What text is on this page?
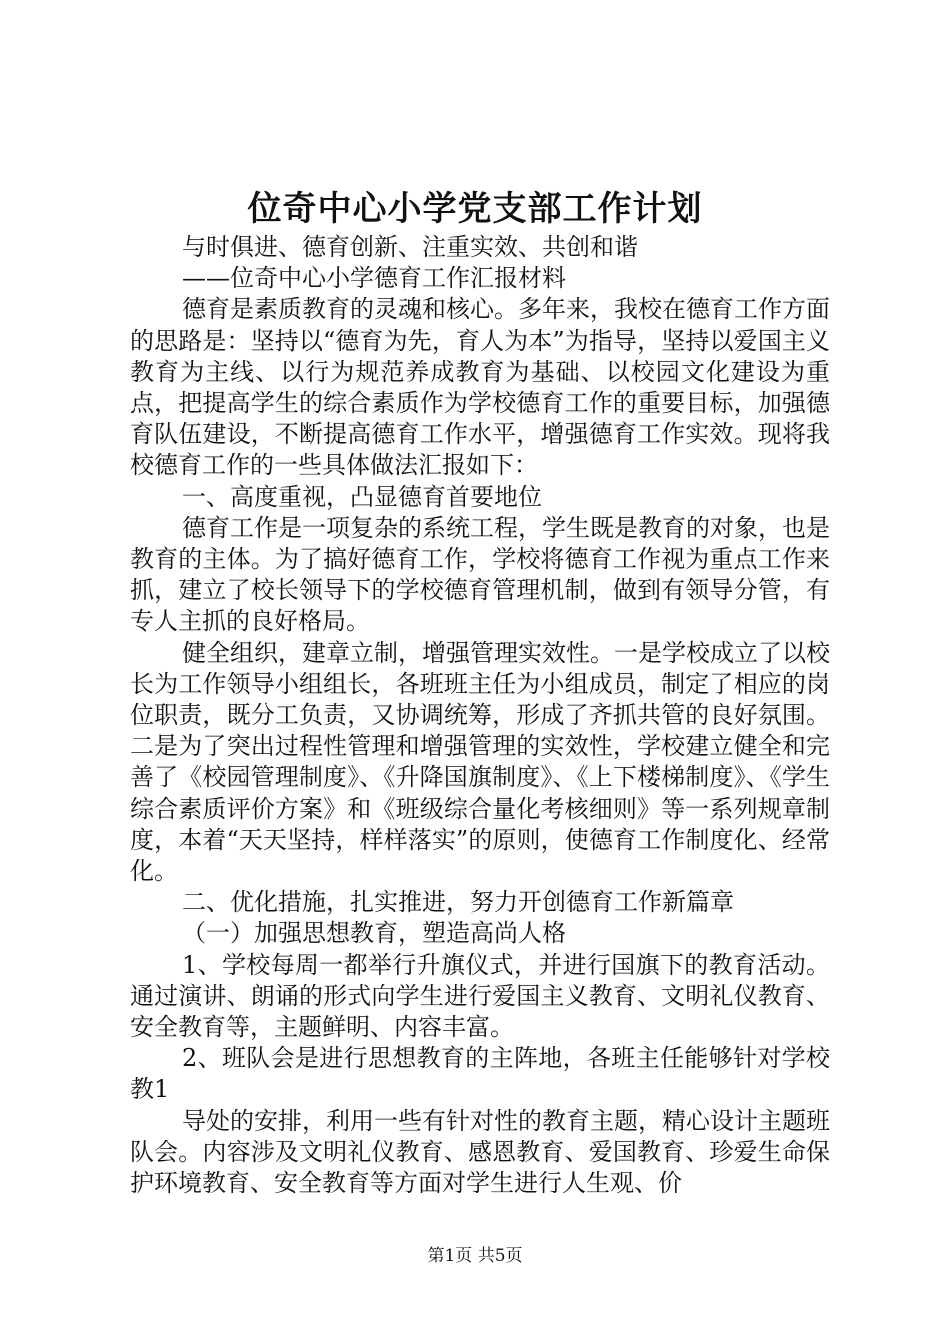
位奇中心小学党支部工作计划

与时俱进、德育创新、注重实效、共创和谐

——位奇中心小学德育工作汇报材料

德育是素质教育的灵魂和核心。多年来，我校在德育工作方面的思路是：坚持以“德育为先，育人为本”为指导，坚持以爱国主义教育为主线、以行为规范养成教育为基础、以校园文化建设为重点，把提高学生的综合素质作为学校德育工作的重要目标，加强德育队伍建设，不断提高德育工作水平，增强德育工作实效。现将我校德育工作的一些具体做法汇报如下：

一、高度重视，凸显德育首要地位

德育工作是一项复杂的系统工程，学生既是教育的对象，也是教育的主体。为了搞好德育工作，学校将德育工作视为重点工作来抓，建立了校长领导下的学校德育管理机制，做到有领导分管，有专人主抓的良好格局。

健全组织，建章立制，增强管理实效性。一是学校成立了以校长为工作领导小组组长，各班班主任为小组成员，制定了相应的岗位职责，既分工负责，又协调统筹，形成了齐抓共管的良好氛围。二是为了突出过程性管理和增强管理的实效性，学校建立健全和完善了《校园管理制度》、《升降国旗制度》、《上下楼梯制度》、《学生综合素质评价方案》和《班级综合量化考核细则》等一系列规章制度，本着“天天坚持，样样落实”的原则，使德育工作制度化、经常化。

二、优化措施，扎实推进，努力开创德育工作新篇章

（一）加强思想教育，塑造高尚人格

1、学校每周一都举行升旗仪式，并进行国旗下的教育活动。通过演讲、朗诵的形式向学生进行爱国主义教育、文明礼仪教育、安全教育等，主题鲜明、内容丰富。

2、班队会是进行思想教育的主阵地，各班主任能够针对学校教1

导处的安排，利用一些有针对性的教育主题，精心设计主题班队会。内容涉及文明礼仪教育、感恩教育、爱国教育、珍爱生命保护环境教育、安全教育等方面对学生进行人生观、价

第1页 共5页
